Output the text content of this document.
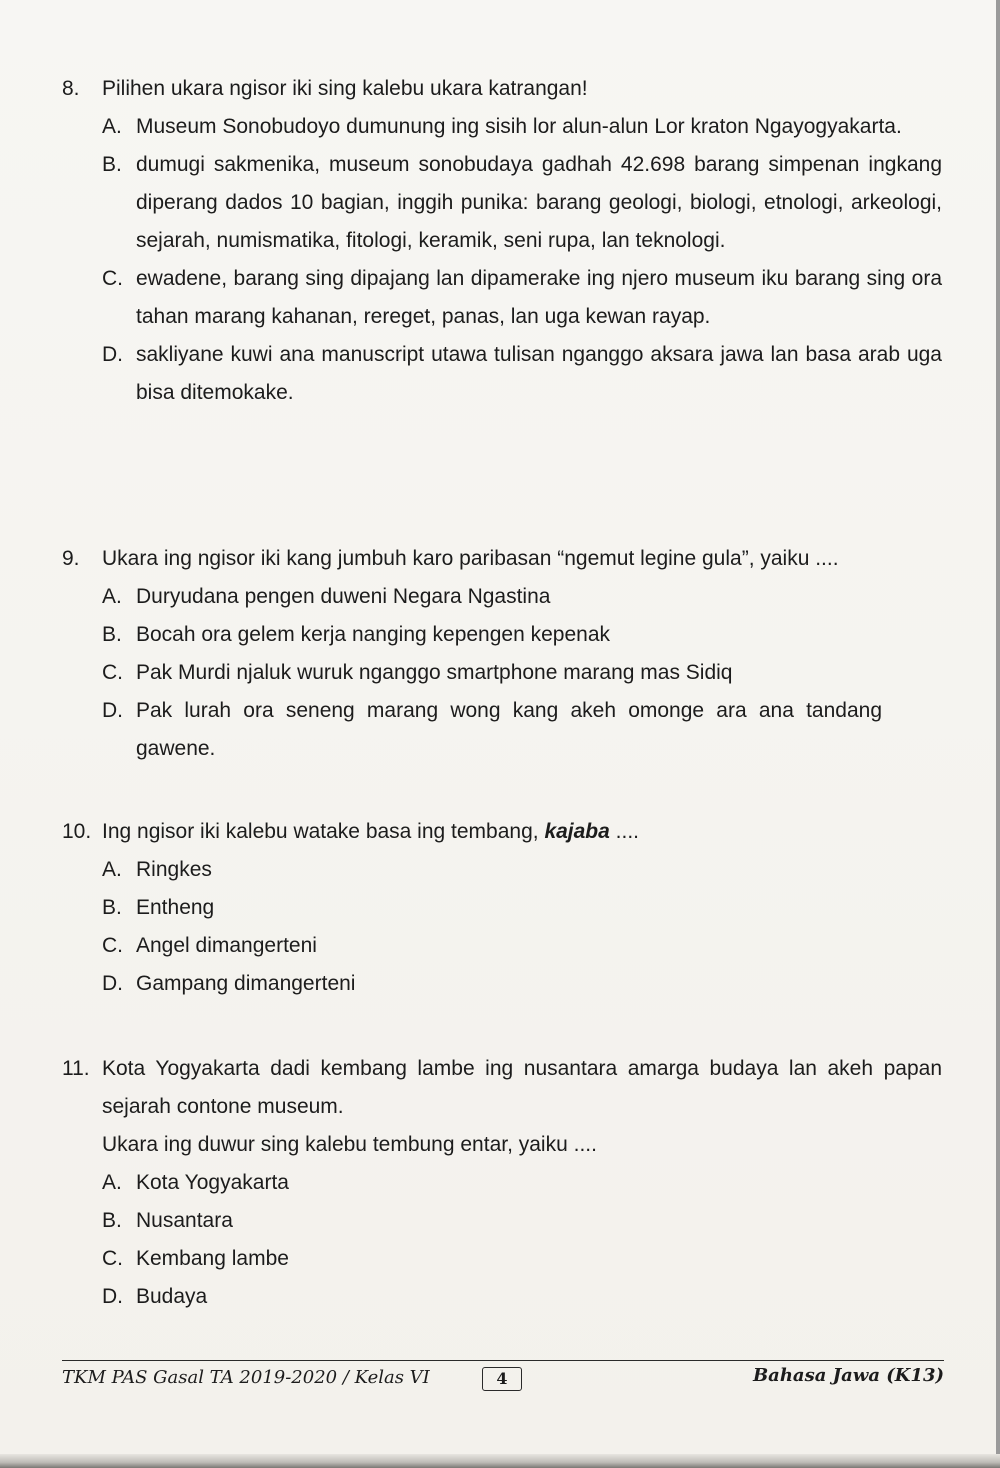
8.	Pilihen ukara ngisor iki sing kalebu ukara katrangan!
A. Museum Sonobudoyo dumunung ing sisih lor alun-alun Lor kraton Ngayogyakarta.
B. dumugi sakmenika, museum sonobudaya gadhah 42.698 barang simpenan ingkang diperang dados 10 bagian, inggih punika: barang geologi, biologi, etnologi, arkeologi, sejarah, numismatika, fitologi, keramik, seni rupa, lan teknologi.
C. ewadene, barang sing dipajang lan dipamerake ing njero museum iku barang sing ora tahan marang kahanan, rereget, panas, lan uga kewan rayap.
D. sakliyane kuwi ana manuscript utawa tulisan nganggo aksara jawa lan basa arab uga bisa ditemokake.
9.	Ukara ing ngisor iki kang jumbuh karo paribasan “ngemut legine gula”, yaiku ....
A. Duryudana pengen duweni Negara Ngastina
B. Bocah ora gelem kerja nanging kepengen kepenak
C. Pak Murdi njaluk wuruk nganggo smartphone marang mas Sidiq
D. Pak lurah ora seneng marang wong kang akeh omonge ara ana tandang gawene.
10. Ing ngisor iki kalebu watake basa ing tembang, kajaba ....
A. Ringkes
B. Entheng
C. Angel dimangerteni
D. Gampang dimangerteni
11. Kota Yogyakarta dadi kembang lambe ing nusantara amarga budaya lan akeh papan sejarah contone museum.
Ukara ing duwur sing kalebu tembung entar, yaiku ....
A. Kota Yogyakarta
B. Nusantara
C. Kembang lambe
D. Budaya
TKM PAS Gasal TA 2019-2020 / Kelas VI	4	Bahasa Jawa (K13)
